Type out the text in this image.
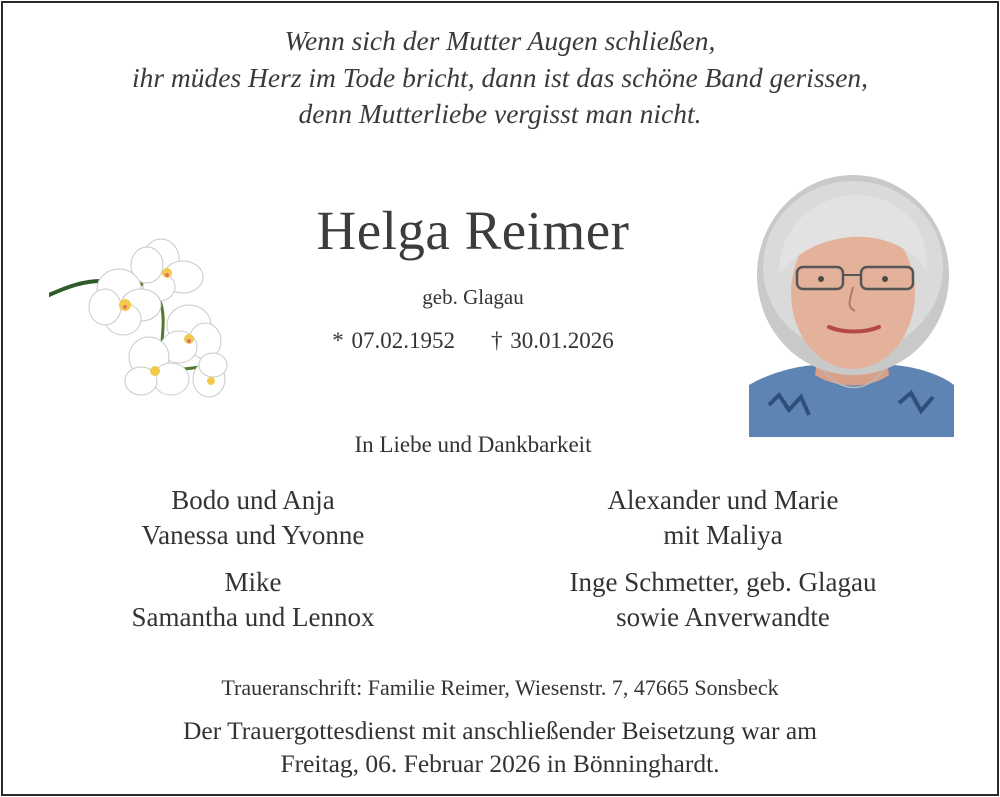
Wenn sich der Mutter Augen schließen,
ihr müdes Herz im Tode bricht, dann ist das schöne Band gerissen,
denn Mutterliebe vergisst man nicht.
Helga Reimer
geb. Glagau
* 07.02.1952 † 30.01.2026
In Liebe und Dankbarkeit
Bodo und Anja
Vanessa und Yvonne
Mike
Samantha und Lennox
Alexander und Marie
mit Maliya
Inge Schmetter, geb. Glagau
sowie Anverwandte
Traueranschrift: Familie Reimer, Wiesenstr. 7, 47665 Sonsbeck
Der Trauergottesdienst mit anschließender Beisetzung war am
Freitag, 06. Februar 2026 in Bönninghardt.
